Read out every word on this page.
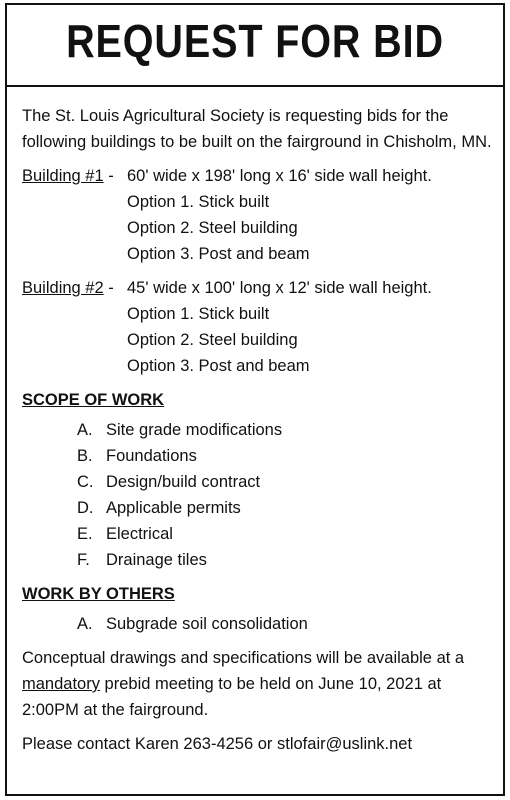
REQUEST FOR BID
The St. Louis Agricultural Society is requesting bids for the following buildings to be built on the fairground in Chisholm, MN.
Building #1 - 60' wide x 198' long x 16' side wall height.
Option 1. Stick built
Option 2. Steel building
Option 3. Post and beam
Building #2 - 45' wide x 100' long x 12' side wall height.
Option 1. Stick built
Option 2. Steel building
Option 3. Post and beam
SCOPE OF WORK
A. Site grade modifications
B. Foundations
C. Design/build contract
D. Applicable permits
E. Electrical
F. Drainage tiles
WORK BY OTHERS
A. Subgrade soil consolidation
Conceptual drawings and specifications will be available at a mandatory prebid meeting to be held on June 10, 2021 at 2:00PM at the fairground.
Please contact Karen 263-4256 or stlofair@uslink.net
